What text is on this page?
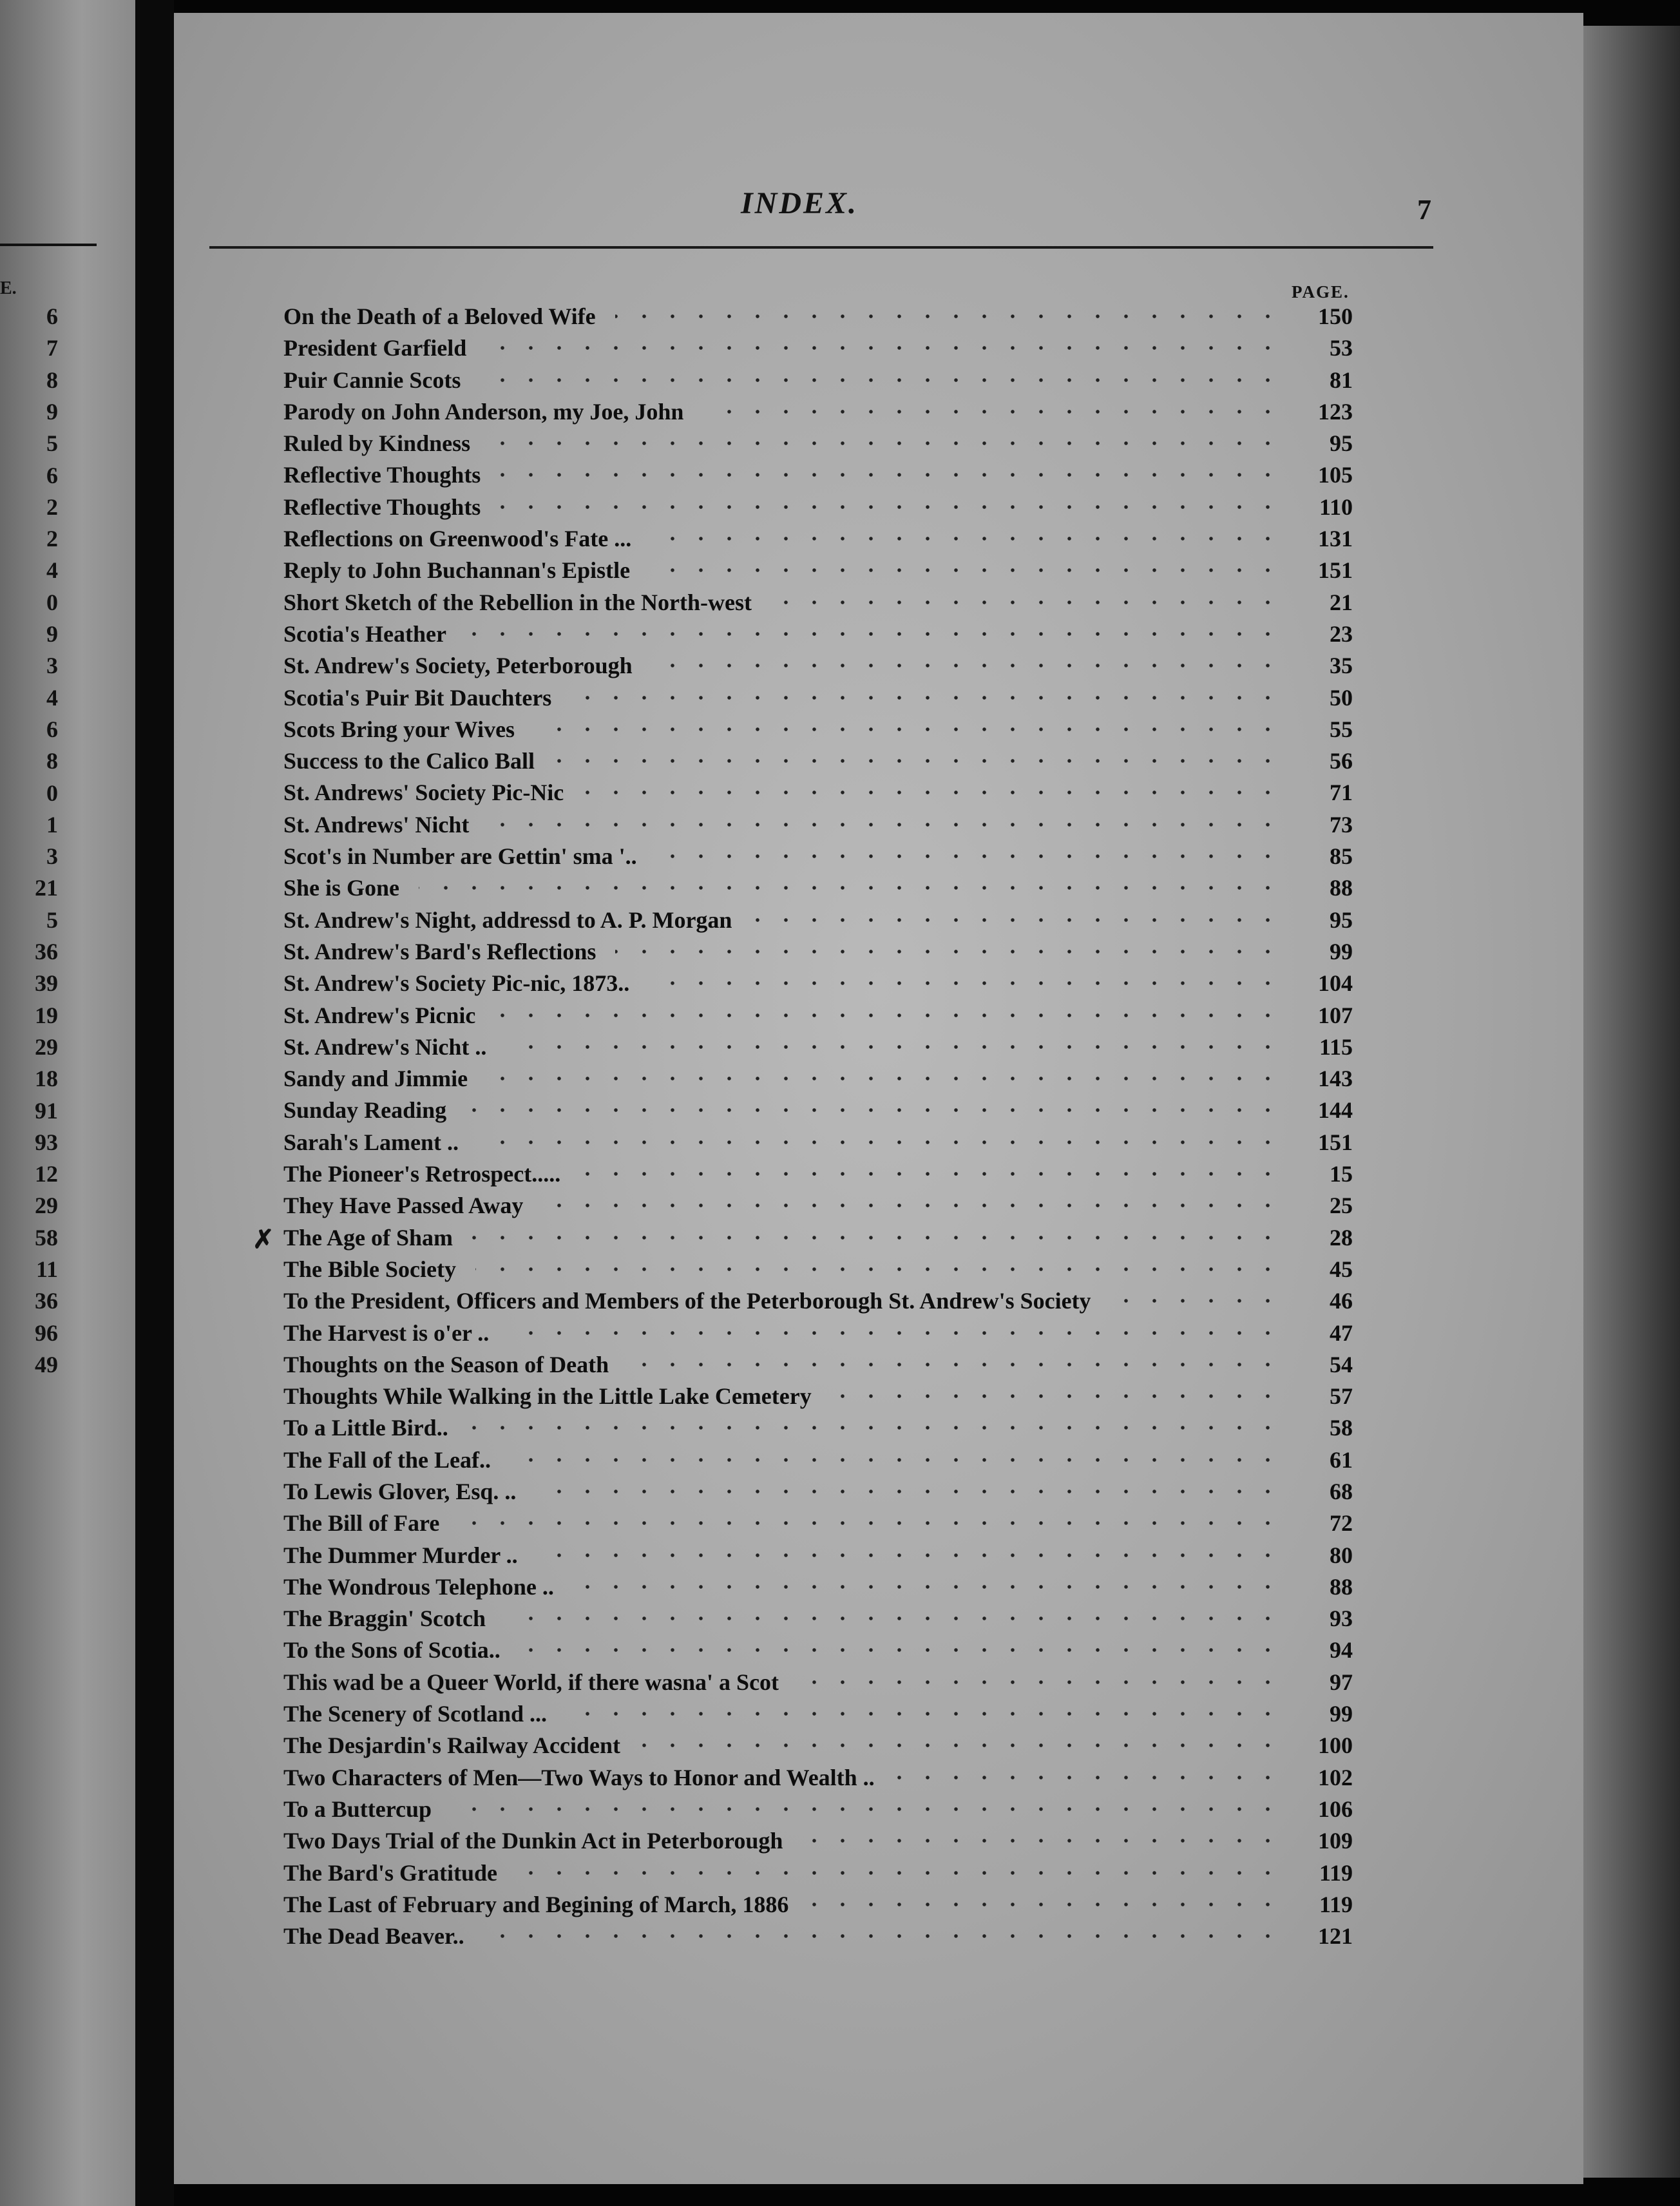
E.
6
7
8
9
5
6
2
2
4
0
9
3
4
6
8
0
1
3
21
5
36
39
19
29
18
91
93
12
29
58
11
36
96
49
INDEX.	7
PAGE.
✗
On the Death of a Beloved Wife	150
President Garfield	53
Puir Cannie Scots	81
Parody on John Anderson, my Joe, John	123
Ruled by Kindness	95
Reflective Thoughts	105
Reflective Thoughts	110
Reflections on Greenwood's Fate ...	131
Reply to John Buchannan's Epistle	151
Short Sketch of the Rebellion in the North-west	21
Scotia's Heather	23
St. Andrew's Society, Peterborough	35
Scotia's Puir Bit Dauchters	50
Scots Bring your Wives	55
Success to the Calico Ball	56
St. Andrews' Society Pic-Nic	71
St. Andrews' Nicht	73
Scot's in Number are Gettin' sma '..	85
She is Gone	88
St. Andrew's Night, addressd to A. P. Morgan	95
St. Andrew's Bard's Reflections	99
St. Andrew's Society Pic-nic, 1873..	104
St. Andrew's Picnic	107
St. Andrew's Nicht ..	115
Sandy and Jimmie	143
Sunday Reading	144
Sarah's Lament ..	151
The Pioneer's Retrospect.....	15
They Have Passed Away	25
The Age of Sham	28
The Bible Society	45
To the President, Officers and Members of the Peterborough St. Andrew's Society	46
The Harvest is o'er ..	47
Thoughts on the Season of Death	54
Thoughts While Walking in the Little Lake Cemetery	57
To a Little Bird..	58
The Fall of the Leaf..	61
To Lewis Glover, Esq. ..	68
The Bill of Fare	72
The Dummer Murder ..	80
The Wondrous Telephone ..	88
The Braggin' Scotch	93
To the Sons of Scotia..	94
This wad be a Queer World, if there wasna' a Scot	97
The Scenery of Scotland ...	99
The Desjardin's Railway Accident	100
Two Characters of Men—Two Ways to Honor and Wealth ..	102
To a Buttercup	106
Two Days Trial of the Dunkin Act in Peterborough	109
The Bard's Gratitude	119
The Last of February and Begining of March, 1886	119
The Dead Beaver..	121
